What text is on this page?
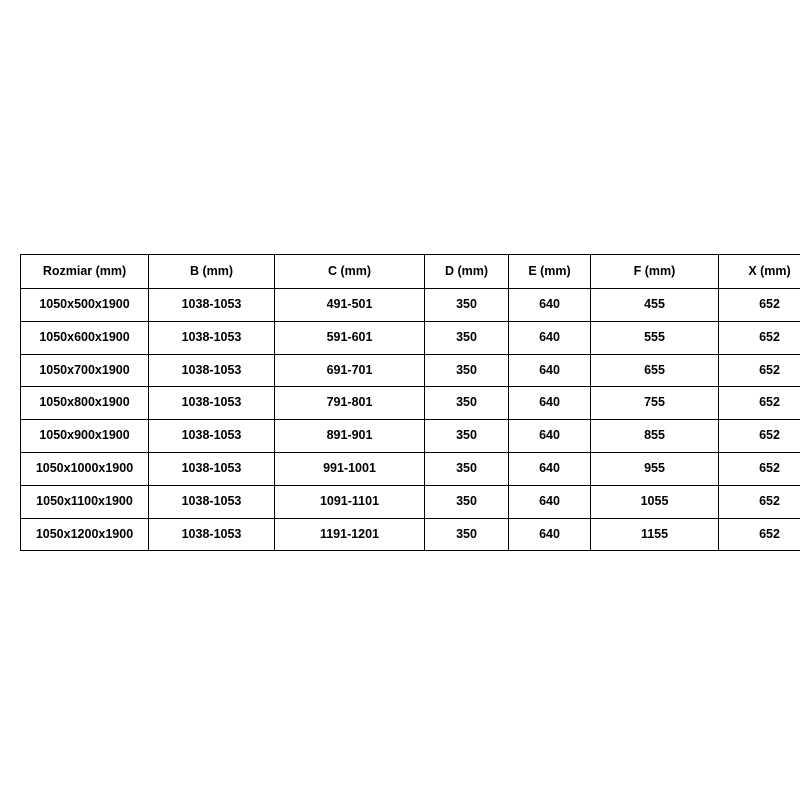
Rozmiar (mm)	B (mm)	C (mm)	D (mm)	E (mm)	F (mm)	X (mm)
1050x500x1900	1038-1053	491-501	350	640	455	652
1050x600x1900	1038-1053	591-601	350	640	555	652
1050x700x1900	1038-1053	691-701	350	640	655	652
1050x800x1900	1038-1053	791-801	350	640	755	652
1050x900x1900	1038-1053	891-901	350	640	855	652
1050x1000x1900	1038-1053	991-1001	350	640	955	652
1050x1100x1900	1038-1053	1091-1101	350	640	1055	652
1050x1200x1900	1038-1053	1191-1201	350	640	1155	652
